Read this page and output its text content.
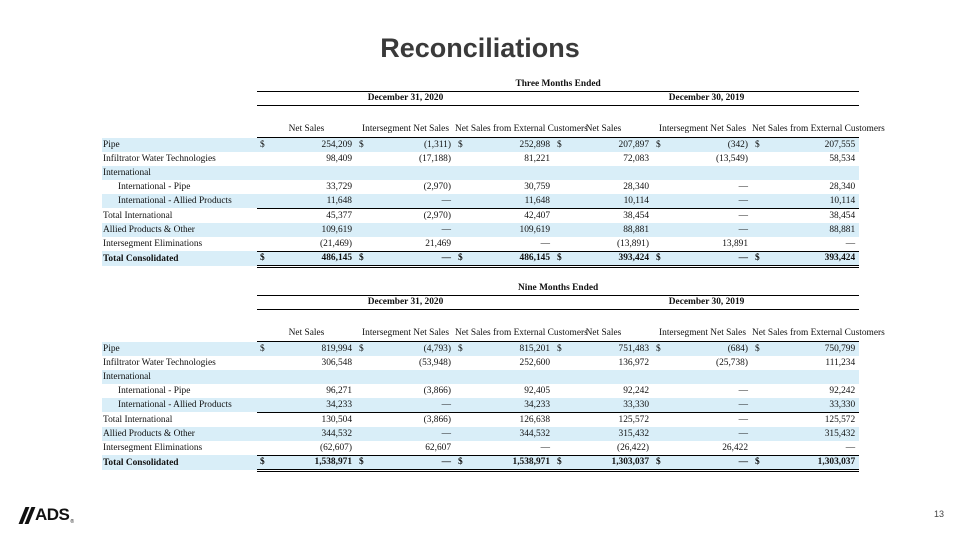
Reconciliations
	Three Months Ended											
	December 31, 2020						December 30, 2019					
	Net Sales		Intersegment Net Sales		Net Sales from External Customers		Net Sales		Intersegment Net Sales		Net Sales from External Customers	
Pipe	$	254,209	$	(1,311)	$	252,898	$	207,897	$	(342)	$	207,555
Infiltrator Water Technologies		98,409		(17,188)		81,221		72,083		(13,549)		58,534
International												
International - Pipe		33,729		(2,970)		30,759		28,340		—		28,340
International - Allied Products		11,648		—		11,648		10,114		—		10,114
Total International		45,377		(2,970)		42,407		38,454		—		38,454
Allied Products & Other		109,619		—		109,619		88,881		—		88,881
Intersegment Eliminations		(21,469)		21,469		—		(13,891)		13,891		—
Total Consolidated	$	486,145	$	—	$	486,145	$	393,424	$	—	$	393,424
	Nine Months Ended											
	December 31, 2020						December 30, 2019					
	Net Sales		Intersegment Net Sales		Net Sales from External Customers		Net Sales		Intersegment Net Sales		Net Sales from External Customers	
Pipe	$	819,994	$	(4,793)	$	815,201	$	751,483	$	(684)	$	750,799
Infiltrator Water Technologies		306,548		(53,948)		252,600		136,972		(25,738)		111,234
International												
International - Pipe		96,271		(3,866)		92,405		92,242		—		92,242
International - Allied Products		34,233		—		34,233		33,330		—		33,330
Total International		130,504		(3,866)		126,638		125,572		—		125,572
Allied Products & Other		344,532		—		344,532		315,432		—		315,432
Intersegment Eliminations		(62,607)		62,607		—		(26,422)		26,422		—
Total Consolidated	$	1,538,971	$	—	$	1,538,971	$	1,303,037	$	—	$	1,303,037
ADS ®
13
